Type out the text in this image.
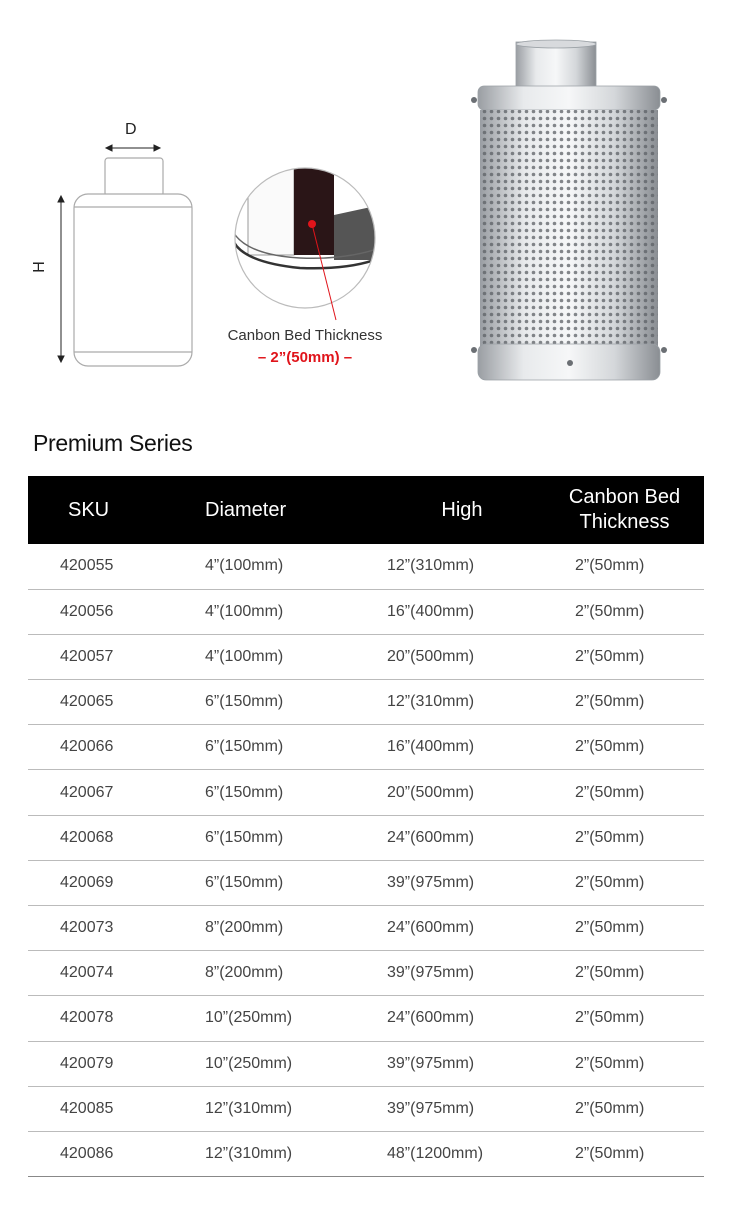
D
H
Canbon Bed Thickness
– 2”(50mm) –
Premium Series
SKU	Diameter	High	Canbon Bed Thickness
420055	4”(100mm)	12”(310mm)	2”(50mm)
420056	4”(100mm)	16”(400mm)	2”(50mm)
420057	4”(100mm)	20”(500mm)	2”(50mm)
420065	6”(150mm)	12”(310mm)	2”(50mm)
420066	6”(150mm)	16”(400mm)	2”(50mm)
420067	6”(150mm)	20”(500mm)	2”(50mm)
420068	6”(150mm)	24”(600mm)	2”(50mm)
420069	6”(150mm)	39”(975mm)	2”(50mm)
420073	8”(200mm)	24”(600mm)	2”(50mm)
420074	8”(200mm)	39”(975mm)	2”(50mm)
420078	10”(250mm)	24”(600mm)	2”(50mm)
420079	10”(250mm)	39”(975mm)	2”(50mm)
420085	12”(310mm)	39”(975mm)	2”(50mm)
420086	12”(310mm)	48”(1200mm)	2”(50mm)
